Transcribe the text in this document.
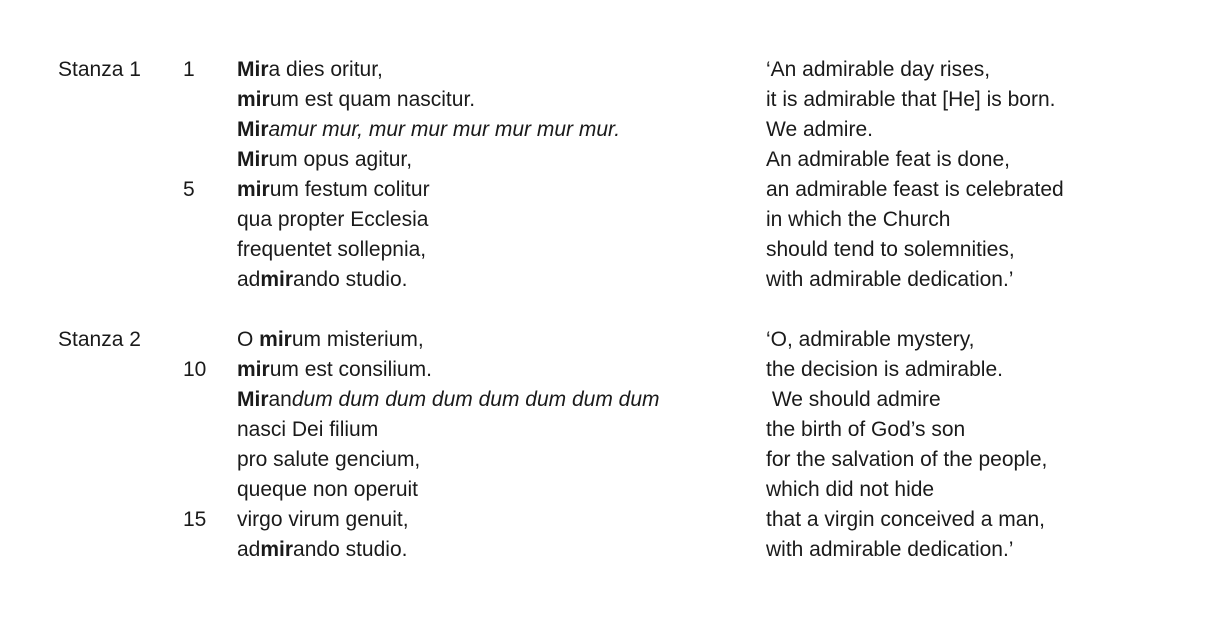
Stanza 1 1 Mira dies oritur,	‘An admirable day rises,
mirum est quam nascitur.	it is admirable that [He] is born.
Miramur mur, mur mur mur mur mur mur.	We admire.
Mirum opus agitur,	An admirable feat is done,
5 mirum festum colitur	an admirable feast is celebrated
qua propter Ecclesia	in which the Church
frequentet sollepnia,	should tend to solemnities,
admirando studio.	with admirable dedication.’
Stanza 2	O mirum misterium,	‘O, admirable mystery,
10 mirum est consilium.	the decision is admirable.
Mirandum dum dum dum dum dum dum dum	We should admire
nasci Dei filium	the birth of God’s son
pro salute gencium,	for the salvation of the people,
queque non operuit	which did not hide
15 virgo virum genuit,	that a virgin conceived a man,
admirando studio.	with admirable dedication.’
